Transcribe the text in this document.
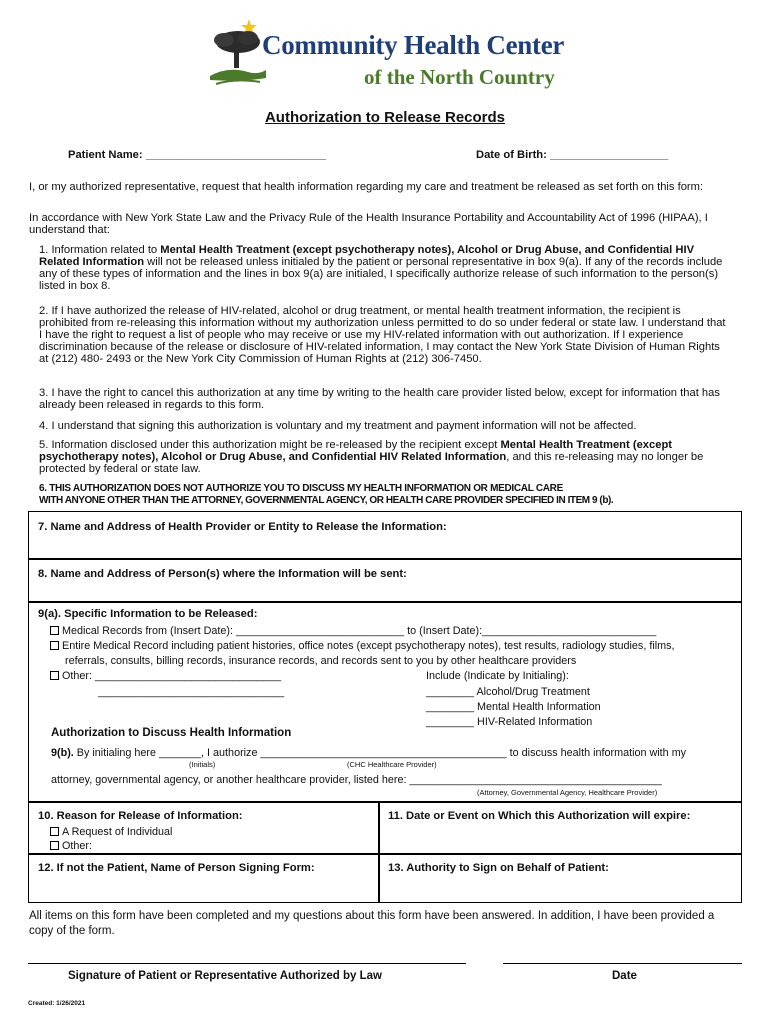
Community Health Center
of the North Country
Authorization to Release Records
Patient Name: _____________________________	Date of Birth: ___________________
I, or my authorized representative, request that health information regarding my care and treatment be released as set forth on this form:
In accordance with New York State Law and the Privacy Rule of the Health Insurance Portability and Accountability Act of 1996 (HIPAA), I understand that:
1. Information related to Mental Health Treatment (except psychotherapy notes), Alcohol or Drug Abuse, and Confidential HIV Related Information will not be released unless initialed by the patient or personal representative in box 9(a). If any of the records include any of these types of information and the lines in box 9(a) are initialed, I specifically authorize release of such information to the person(s) listed in box 8.
2. If I have authorized the release of HIV-related, alcohol or drug treatment, or mental health treatment information, the recipient is prohibited from re-releasing this information without my authorization unless permitted to do so under federal or state law. I understand that I have the right to request a list of people who may receive or use my HIV-related information with out authorization. If I experience discrimination because of the release or disclosure of HIV-related information, I may contact the New York State Division of Human Rights at (212) 480- 2493 or the New York City Commission of Human Rights at (212) 306-7450.
3. I have the right to cancel this authorization at any time by writing to the health care provider listed below, except for information that has already been released in regards to this form.
4. I understand that signing this authorization is voluntary and my treatment and payment information will not be affected.
5. Information disclosed under this authorization might be re-released by the recipient except Mental Health Treatment (except psychotherapy notes), Alcohol or Drug Abuse, and Confidential HIV Related Information, and this re-releasing may no longer be protected by federal or state law.
6. THIS AUTHORIZATION DOES NOT AUTHORIZE YOU TO DISCUSS MY HEALTH INFORMATION OR MEDICAL CARE
WITH ANYONE OTHER THAN THE ATTORNEY, GOVERNMENTAL AGENCY, OR HEALTH CARE PROVIDER SPECIFIED IN ITEM 9 (b).
7. Name and Address of Health Provider or Entity to Release the Information:
8. Name and Address of Person(s) where the Information will be sent:
9(a). Specific Information to be Released:
Medical Records from (Insert Date): ____________________________ to (Insert Date):_____________________________
Entire Medical Record including patient histories, office notes (except psychotherapy notes), test results, radiology studies, films,
referrals, consults, billing records, insurance records, and records sent to you by other healthcare providers
Other: _______________________________
_______________________________
Include (Indicate by Initialing):
________ Alcohol/Drug Treatment
________ Mental Health Information
________ HIV-Related Information
Authorization to Discuss Health Information
9(b). By initialing here _______, I authorize _________________________________________ to discuss health information with my
(Initials)	(CHC Healthcare Provider)
attorney, governmental agency, or another healthcare provider, listed here: __________________________________________
(Attorney, Governmental Agency, Healthcare Provider)
10. Reason for Release of Information:
A Request of Individual
Other:
11. Date or Event on Which this Authorization will expire:
12. If not the Patient, Name of Person Signing Form:	13. Authority to Sign on Behalf of Patient:
All items on this form have been completed and my questions about this form have been answered. In addition, I have been provided a copy of the form.
Signature of Patient or Representative Authorized by Law	Date
Created: 1/26/2021
